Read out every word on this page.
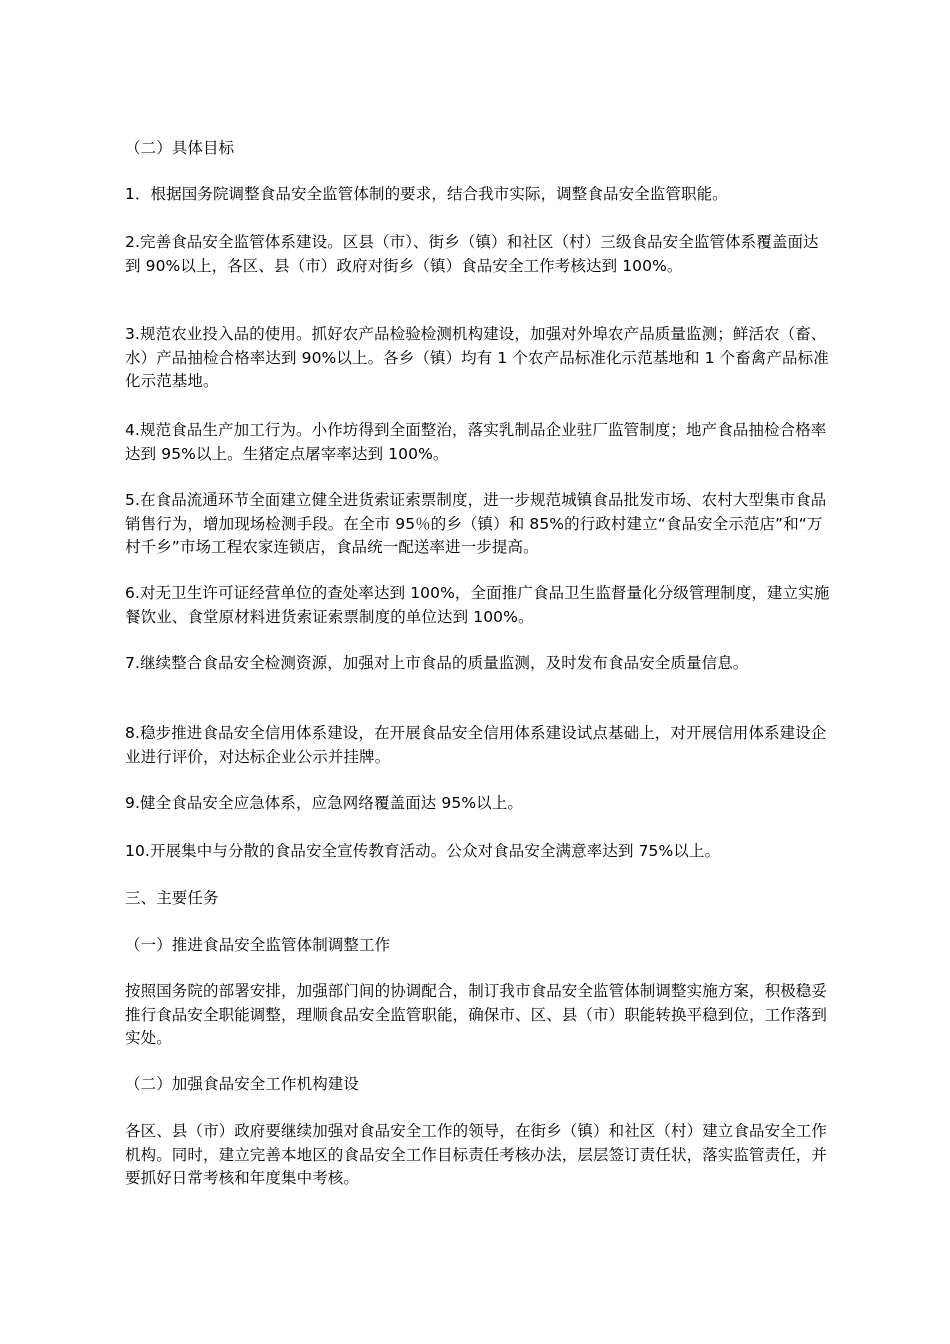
（二）具体目标

1．根据国务院调整食品安全监管体制的要求，结合我市实际，调整食品安全监管职能。

2.完善食品安全监管体系建设。区县（市）、街乡（镇）和社区（村）三级食品安全监管体系覆盖面达到 90%以上，各区、县（市）政府对街乡（镇）食品安全工作考核达到 100%。

3.规范农业投入品的使用。抓好农产品检验检测机构建设，加强对外埠农产品质量监测；鲜活农（畜、水）产品抽检合格率达到 90%以上。各乡（镇）均有 1 个农产品标准化示范基地和 1 个畜禽产品标准化示范基地。

4.规范食品生产加工行为。小作坊得到全面整治，落实乳制品企业驻厂监管制度；地产食品抽检合格率达到 95%以上。生猪定点屠宰率达到 100%。

5.在食品流通环节全面建立健全进货索证索票制度，进一步规范城镇食品批发市场、农村大型集市食品销售行为，增加现场检测手段。在全市 95％的乡（镇）和 85%的行政村建立“食品安全示范店”和“万村千乡”市场工程农家连锁店，食品统一配送率进一步提高。

6.对无卫生许可证经营单位的查处率达到 100%，全面推广食品卫生监督量化分级管理制度，建立实施餐饮业、食堂原材料进货索证索票制度的单位达到 100%。

7.继续整合食品安全检测资源，加强对上市食品的质量监测，及时发布食品安全质量信息。

8.稳步推进食品安全信用体系建设，在开展食品安全信用体系建设试点基础上，对开展信用体系建设企业进行评价，对达标企业公示并挂牌。

9.健全食品安全应急体系，应急网络覆盖面达 95%以上。

10.开展集中与分散的食品安全宣传教育活动。公众对食品安全满意率达到 75%以上。

三、主要任务

（一）推进食品安全监管体制调整工作

按照国务院的部署安排，加强部门间的协调配合，制订我市食品安全监管体制调整实施方案，积极稳妥推行食品安全职能调整，理顺食品安全监管职能，确保市、区、县（市）职能转换平稳到位，工作落到实处。

（二）加强食品安全工作机构建设

各区、县（市）政府要继续加强对食品安全工作的领导，在街乡（镇）和社区（村）建立食品安全工作机构。同时，建立完善本地区的食品安全工作目标责任考核办法，层层签订责任状，落实监管责任，并要抓好日常考核和年度集中考核。
